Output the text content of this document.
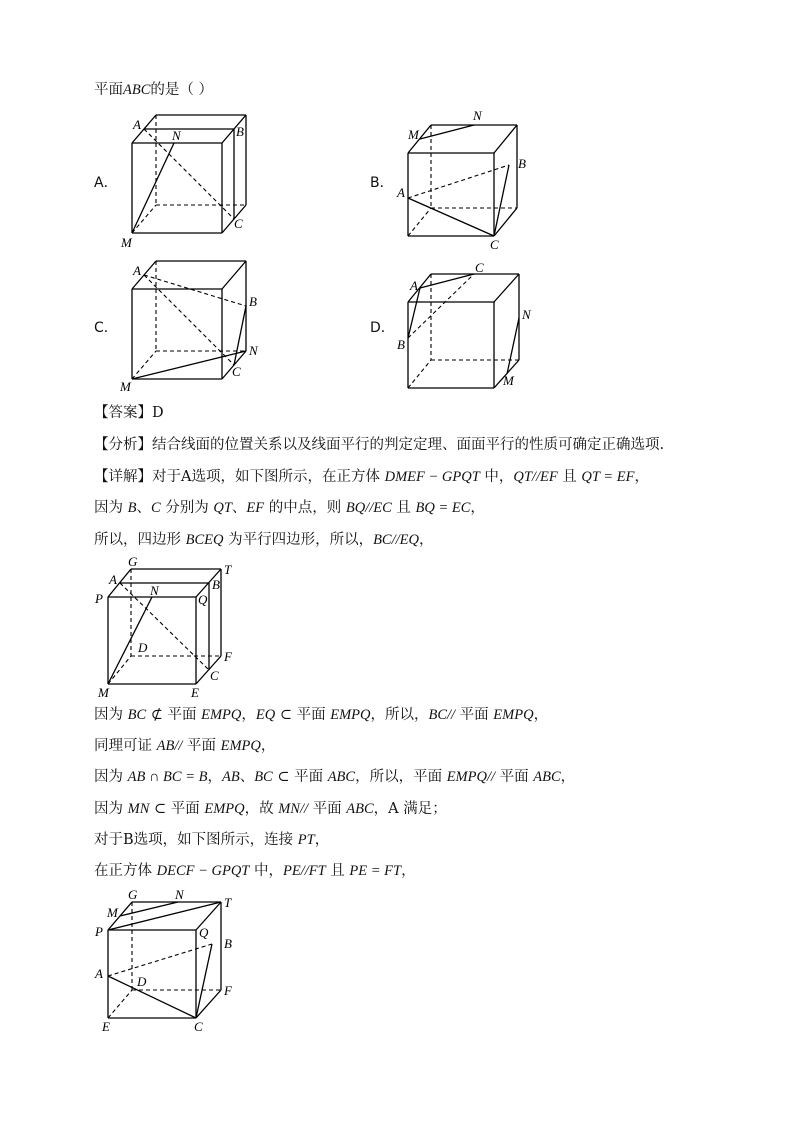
平面ABC的是（ ）
A．	B．
C．	D．
A	B
N
M
C
M
N
B
A
C
A
B
N
M
C
A
C
B
N
M
【答案】D
【分析】结合线面的位置关系以及线面平行的判定定理、面面平行的性质可确定正确选项.
【详解】对于A选项，如下图所示，在正方体 DMEF − GPQT 中，QT//EF 且 QT = EF，
因为 B、C 分别为 QT、EF 的中点，则 BQ//EC 且 BQ = EC，
所以，四边形 BCEQ 为平行四边形，所以，BC//EQ，
G
T
A	B
P
N
Q
D
F
C
M	E
因为 BC ⊄ 平面 EMPQ，EQ ⊂ 平面 EMPQ，所以，BC// 平面 EMPQ，
同理可证 AB// 平面 EMPQ，
因为 AB ∩ BC = B，AB、BC ⊂ 平面 ABC，所以，平面 EMPQ// 平面 ABC，
因为 MN ⊂ 平面 EMPQ，故 MN// 平面 ABC，A 满足；
对于B选项，如下图所示，连接 PT，
在正方体 DECF − GPQT 中，PE//FT 且 PE = FT，
G	N
T
M
P	Q
B
A
D
F
E	C
